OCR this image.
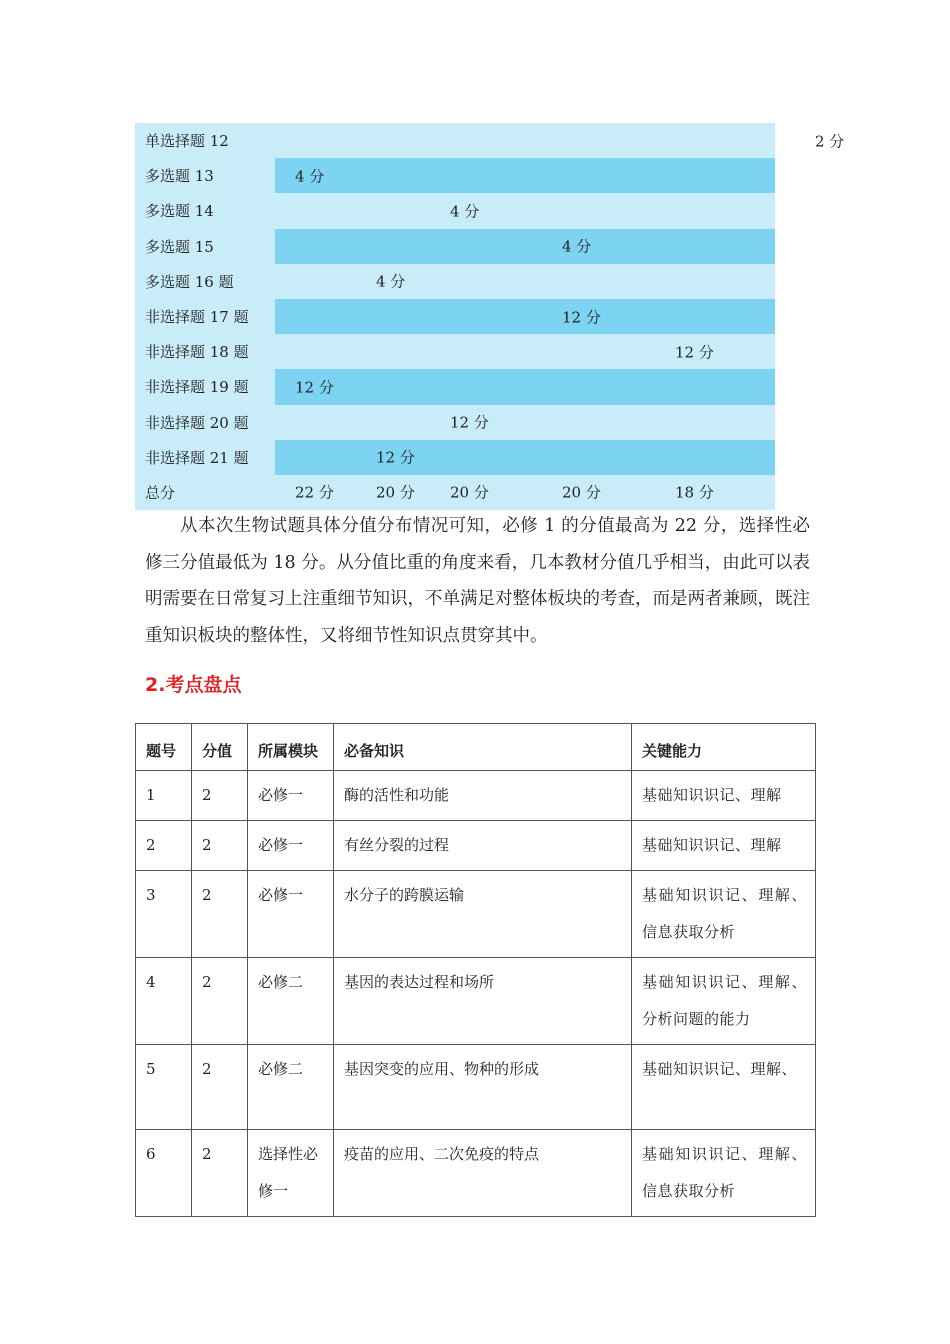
单选择题 12	2 分

多选题 13	4 分

多选题 14	4 分

多选题 15	4 分

多选题 16 题	4 分

非选择题 17 题	12 分

非选择题 18 题	12 分

非选择题 19 题	12 分

非选择题 20 题	12 分

非选择题 21 题	12 分

总分	22 分 20 分 20 分 20 分 18 分

从本次生物试题具体分值分布情况可知，必修 1 的分值最高为 22 分，选择性必修三分值最低为 18 分。从分值比重的角度来看，几本教材分值几乎相当，由此可以表明需要在日常复习上注重细节知识，不单满足对整体板块的考查，而是两者兼顾，既注重知识板块的整体性，又将细节性知识点贯穿其中。

2.考点盘点
题号	分值	所属模块	必备知识	关键能力
1	2	必修一	酶的活性和功能	基础知识识记、理解
2	2	必修一	有丝分裂的过程	基础知识识记、理解
3	2	必修一	水分子的跨膜运输	基础知识识记、理解、信息获取分析
4	2	必修二	基因的表达过程和场所	基础知识识记、理解、分析问题的能力
5	2	必修二	基因突变的应用、物种的形成	基础知识识记、理解、
6	2	选择性必修一	疫苗的应用、二次免疫的特点	基础知识识记、理解、信息获取分析
